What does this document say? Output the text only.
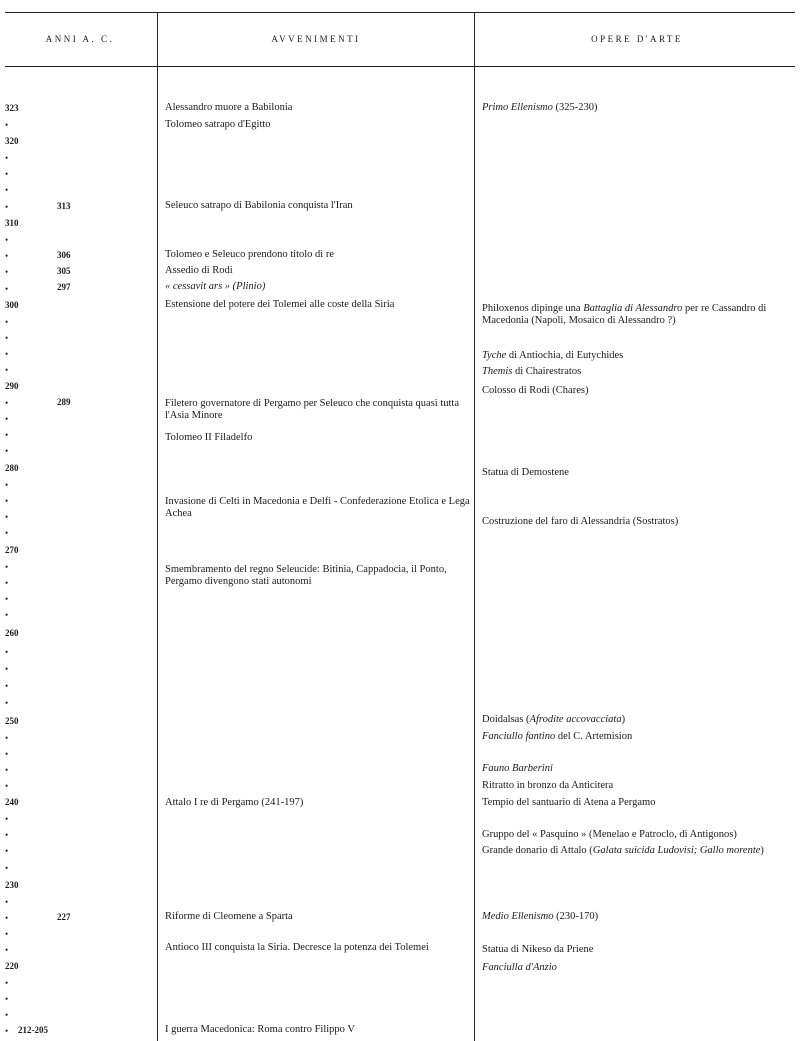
ANNI A. C.	AVVENIMENTI	OPERE D'ARTE
323
320
310
300
290
280
270
260
250
240
230
220
•
•
•
•
•
•
•
•
•
•
•
•
•
•
•
•
•
•
•
•
•
•
•
•
•
•
•
•
•
•
•
•
•
•
•
•
•
•
•
•
•
•
•
•
•
313
306
305
297
289
227
212-205
Alessandro muore a Babilonia
Tolomeo satrapo d'Egitto
Seleuco satrapo di Babilonia conquista l'Iran
Tolomeo e Seleuco prendono titolo di re
Assedio di Rodi
« cessavit ars » (Plinio)
Estensione del potere dei Tolemei alle coste della Siria
Filetero governatore di Pergamo per Seleuco che conquista quasi tutta l'Asia Minore
Tolomeo II Filadelfo
Invasione di Celti in Macedonia e Delfi - Confederazione Etolica e Lega Achea
Smembramento del regno Seleucide: Bitinia, Cappadocia, il Ponto, Pergamo divengono stati autonomi
Attalo I re di Pergamo (241-197)
Riforme di Cleomene a Sparta
Antioco III conquista la Siria. Decresce la potenza dei Tolemei
I guerra Macedonica: Roma contro Filippo V
Primo Ellenismo (325-230)
Philoxenos dipinge una Battaglia di Alessandro per re Cassandro di Macedonia (Napoli, Mosaico di Alessandro ?)
Tyche di Antiochia, di Eutychides
Themis di Chairestratos
Colosso di Rodi (Chares)
Statua di Demostene
Costruzione del faro di Alessandria (Sostratos)
Doidalsas (Afrodite accovacciata)
Fanciullo fantino del C. Artemision
Fauno Barberini
Ritratto in bronzo da Anticitera
Tempio del santuario di Atena a Pergamo
Gruppo del « Pasquino » (Menelao e Patroclo, di Antigonos)
Grande donario di Attalo (Galata suicida Ludovisi; Gallo morente)
Medio Ellenismo (230-170)
Statua di Nikeso da Priene
Fanciulla d'Anzio
